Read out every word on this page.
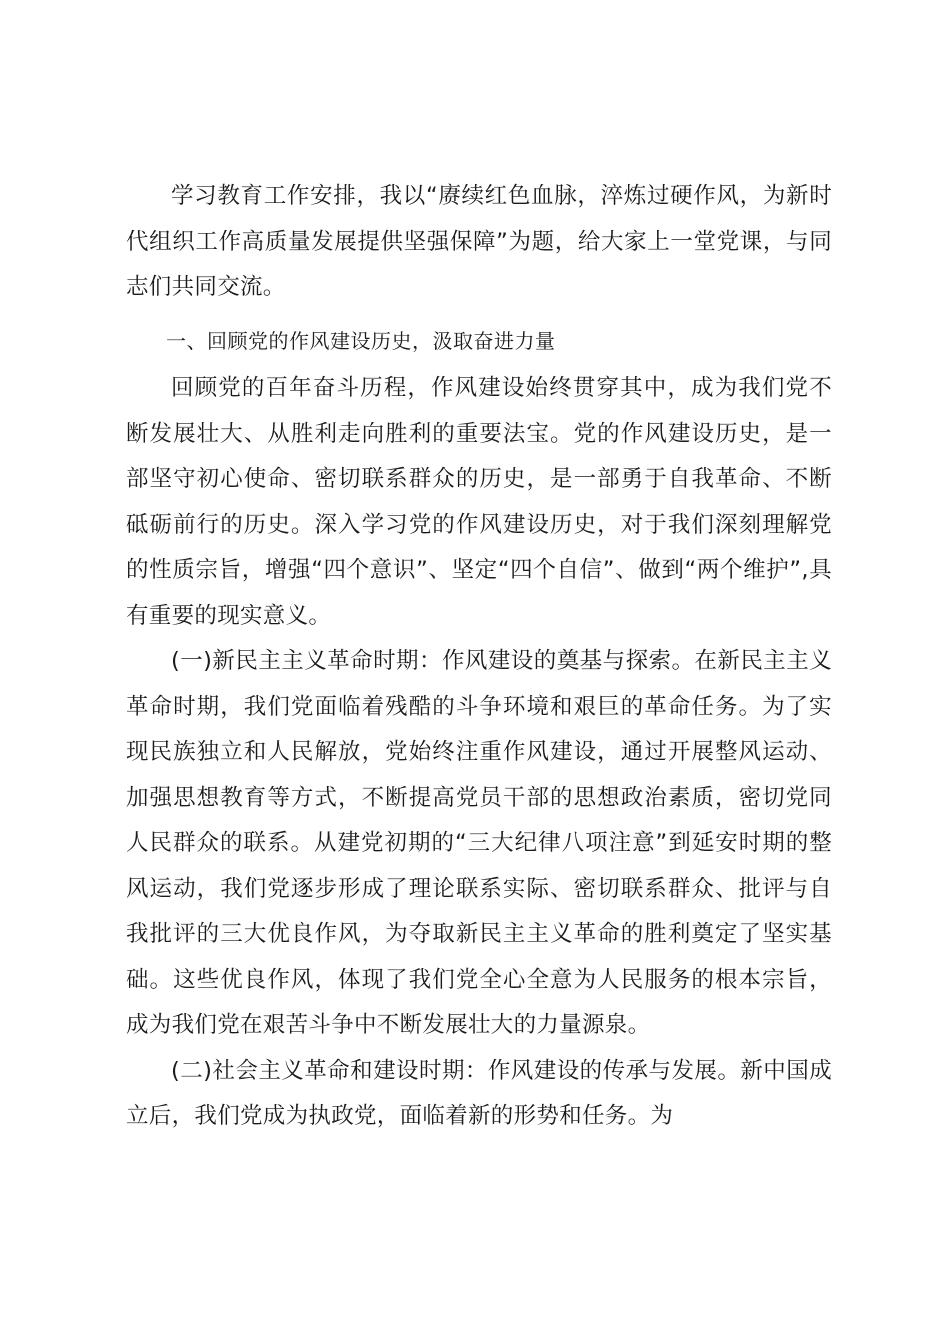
学习教育工作安排，我以“赓续红色血脉，淬炼过硬作风，为新时代组织工作高质量发展提供坚强保障”为题，给大家上一堂党课，与同志们共同交流。

一、回顾党的作风建设历史，汲取奋进力量

回顾党的百年奋斗历程，作风建设始终贯穿其中，成为我们党不断发展壮大、从胜利走向胜利的重要法宝。党的作风建设历史，是一部坚守初心使命、密切联系群众的历史，是一部勇于自我革命、不断砥砺前行的历史。深入学习党的作风建设历史，对于我们深刻理解党的性质宗旨，增强“四个意识”、坚定“四个自信”、做到“两个维护”,具有重要的现实意义。

(一)新民主主义革命时期：作风建设的奠基与探索。在新民主主义革命时期，我们党面临着残酷的斗争环境和艰巨的革命任务。为了实现民族独立和人民解放，党始终注重作风建设，通过开展整风运动、加强思想教育等方式，不断提高党员干部的思想政治素质，密切党同人民群众的联系。从建党初期的“三大纪律八项注意”到延安时期的整风运动，我们党逐步形成了理论联系实际、密切联系群众、批评与自我批评的三大优良作风，为夺取新民主主义革命的胜利奠定了坚实基础。这些优良作风，体现了我们党全心全意为人民服务的根本宗旨，成为我们党在艰苦斗争中不断发展壮大的力量源泉。

(二)社会主义革命和建设时期：作风建设的传承与发展。新中国成立后，我们党成为执政党，面临着新的形势和任务。为
